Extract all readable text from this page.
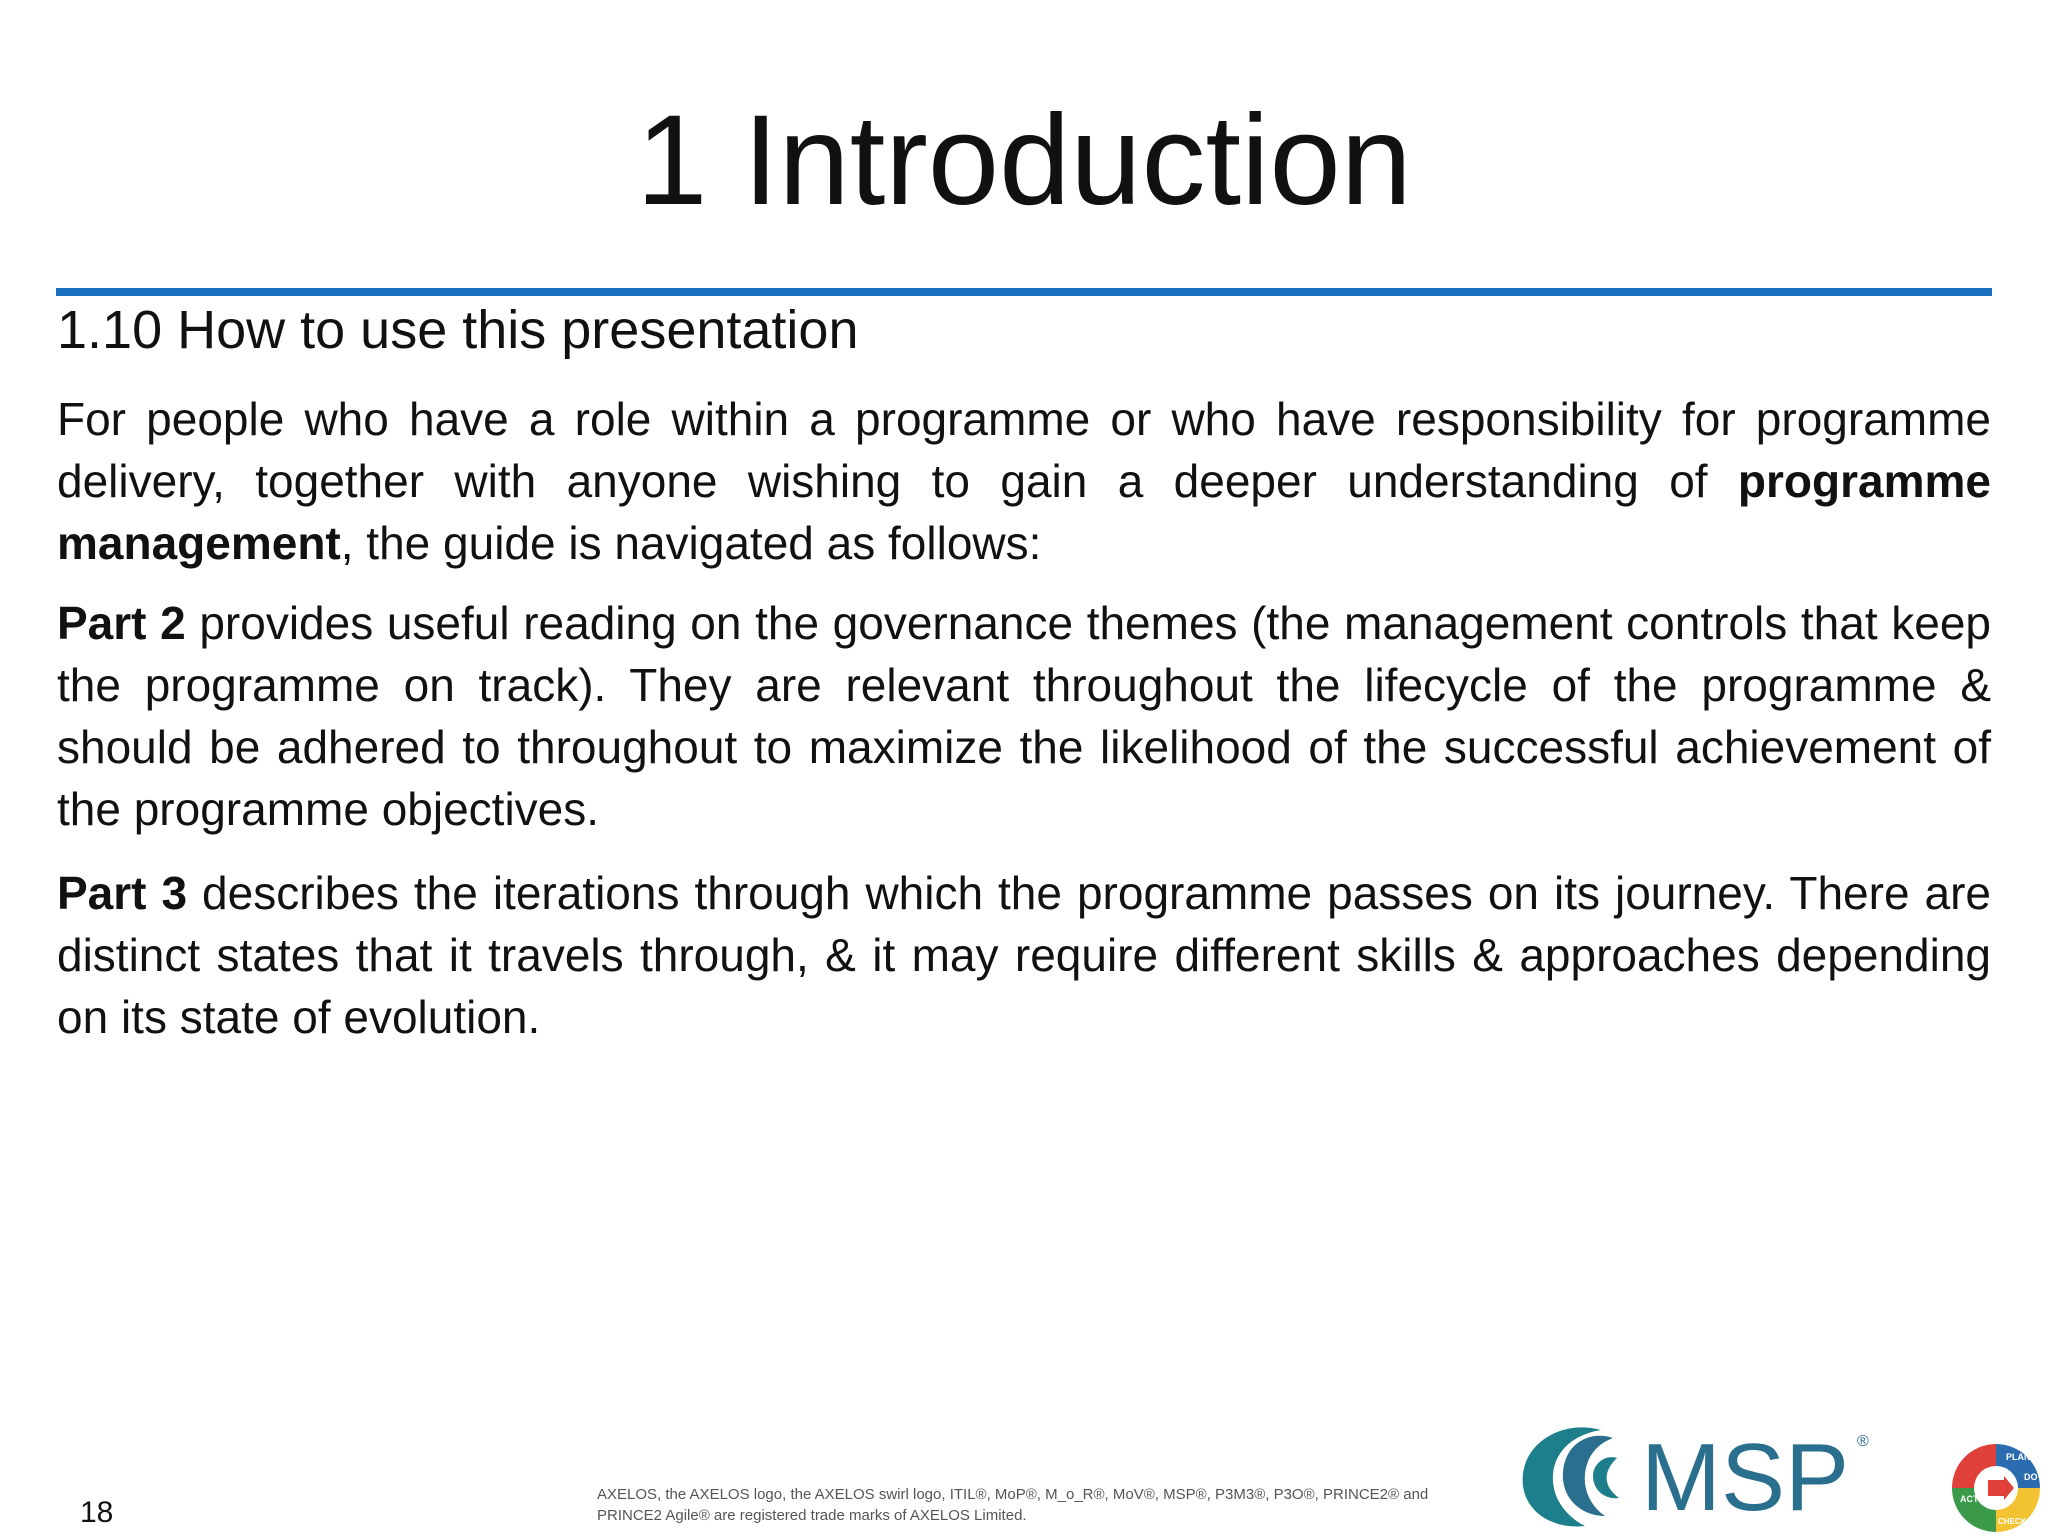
1 Introduction
1.10 How to use this presentation

For people who have a role within a programme or who have responsibility for programme delivery, together with anyone wishing to gain a deeper understanding of programme management, the guide is navigated as follows:

Part 2 provides useful reading on the governance themes (the management controls that keep the programme on track). They are relevant throughout the lifecycle of the programme & should be adhered to throughout to maximize the likelihood of the successful achievement of the programme objectives.

Part 3 describes the iterations through which the programme passes on its journey. There are distinct states that it travels through, & it may require different skills & approaches depending on its state of evolution.

18
AXELOS, the AXELOS logo, the AXELOS swirl logo, ITIL®, MoP®, M_o_R®, MoV®, MSP®, P3M3®, P3O®, PRINCE2® and
PRINCE2 Agile® are registered trade marks of AXELOS Limited.	MSP ®
PLAN
DO
CHECK
ACT
